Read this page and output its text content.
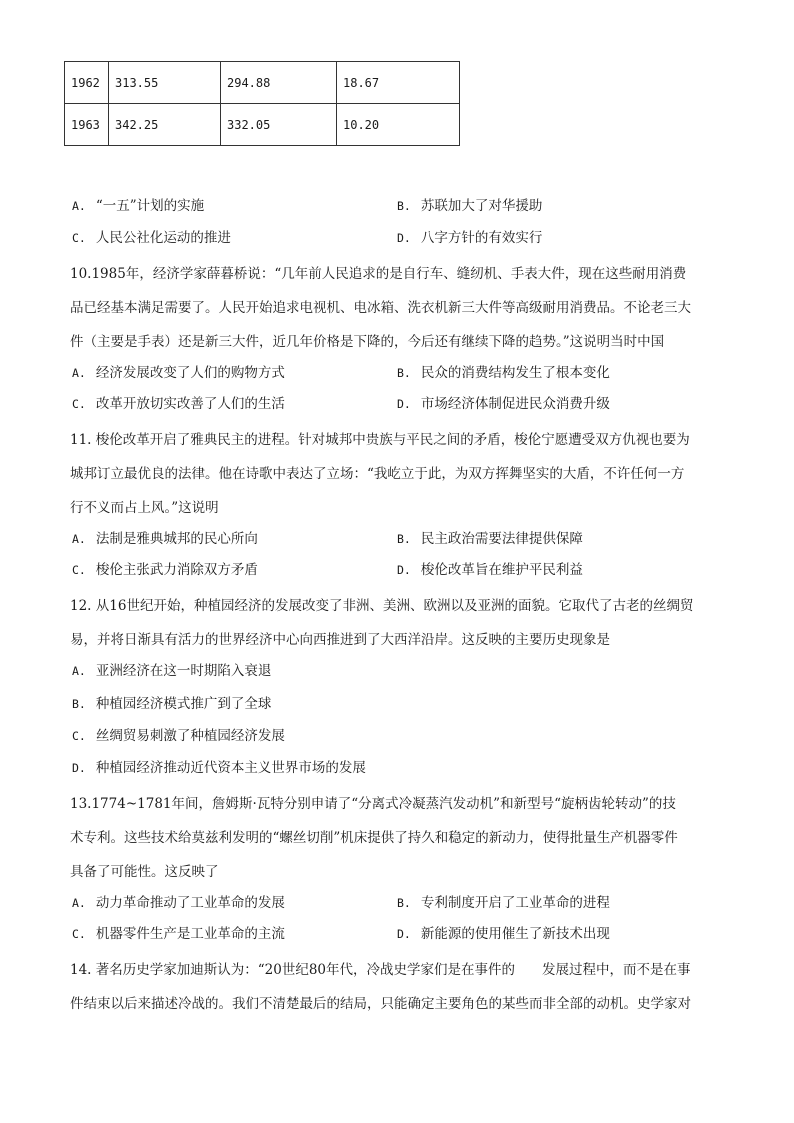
1962	313.55	294.88	18.67
1963	342.25	332.05	10.20
A. “一五”计划的实施	B. 苏联加大了对华援助
C. 人民公社化运动的推进	D. 八字方针的有效实行
10.1985年，经济学家薛暮桥说：“几年前人民追求的是自行车、缝纫机、手表大件，现在这些耐用消费
品已经基本满足需要了。人民开始追求电视机、电冰箱、洗衣机新三大件等高级耐用消费品。不论老三大
件（主要是手表）还是新三大件，近几年价格是下降的，今后还有继续下降的趋势。”这说明当时中国
A. 经济发展改变了人们的购物方式	B. 民众的消费结构发生了根本变化
C. 改革开放切实改善了人们的生活	D. 市场经济体制促进民众消费升级
11. 梭伦改革开启了雅典民主的进程。针对城邦中贵族与平民之间的矛盾，梭伦宁愿遭受双方仇视也要为
城邦订立最优良的法律。他在诗歌中表达了立场：“我屹立于此，为双方挥舞坚实的大盾，不许任何一方
行不义而占上风。”这说明
A. 法制是雅典城邦的民心所向	B. 民主政治需要法律提供保障
C. 梭伦主张武力消除双方矛盾	D. 梭伦改革旨在维护平民利益
12. 从16世纪开始，种植园经济的发展改变了非洲、美洲、欧洲以及亚洲的面貌。它取代了古老的丝绸贸
易，并将日渐具有活力的世界经济中心向西推进到了大西洋沿岸。这反映的主要历史现象是
A. 亚洲经济在这一时期陷入衰退
B. 种植园经济模式推广到了全球
C. 丝绸贸易刺激了种植园经济发展
D. 种植园经济推动近代资本主义世界市场的发展
13.1774~1781年间，詹姆斯·瓦特分别申请了“分离式冷凝蒸汽发动机”和新型号“旋柄齿轮转动”的技
术专利。这些技术给莫兹利发明的“螺丝切削”机床提供了持久和稳定的新动力，使得批量生产机器零件
具备了可能性。这反映了
A. 动力革命推动了工业革命的发展	B. 专利制度开启了工业革命的进程
C. 机器零件生产是工业革命的主流	D. 新能源的使用催生了新技术出现
14. 著名历史学家加迪斯认为：“20世纪80年代，冷战史学家们是在事件的　　发展过程中，而不是在事
件结束以后来描述冷战的。我们不清楚最后的结局，只能确定主要角色的某些而非全部的动机。史学家对
